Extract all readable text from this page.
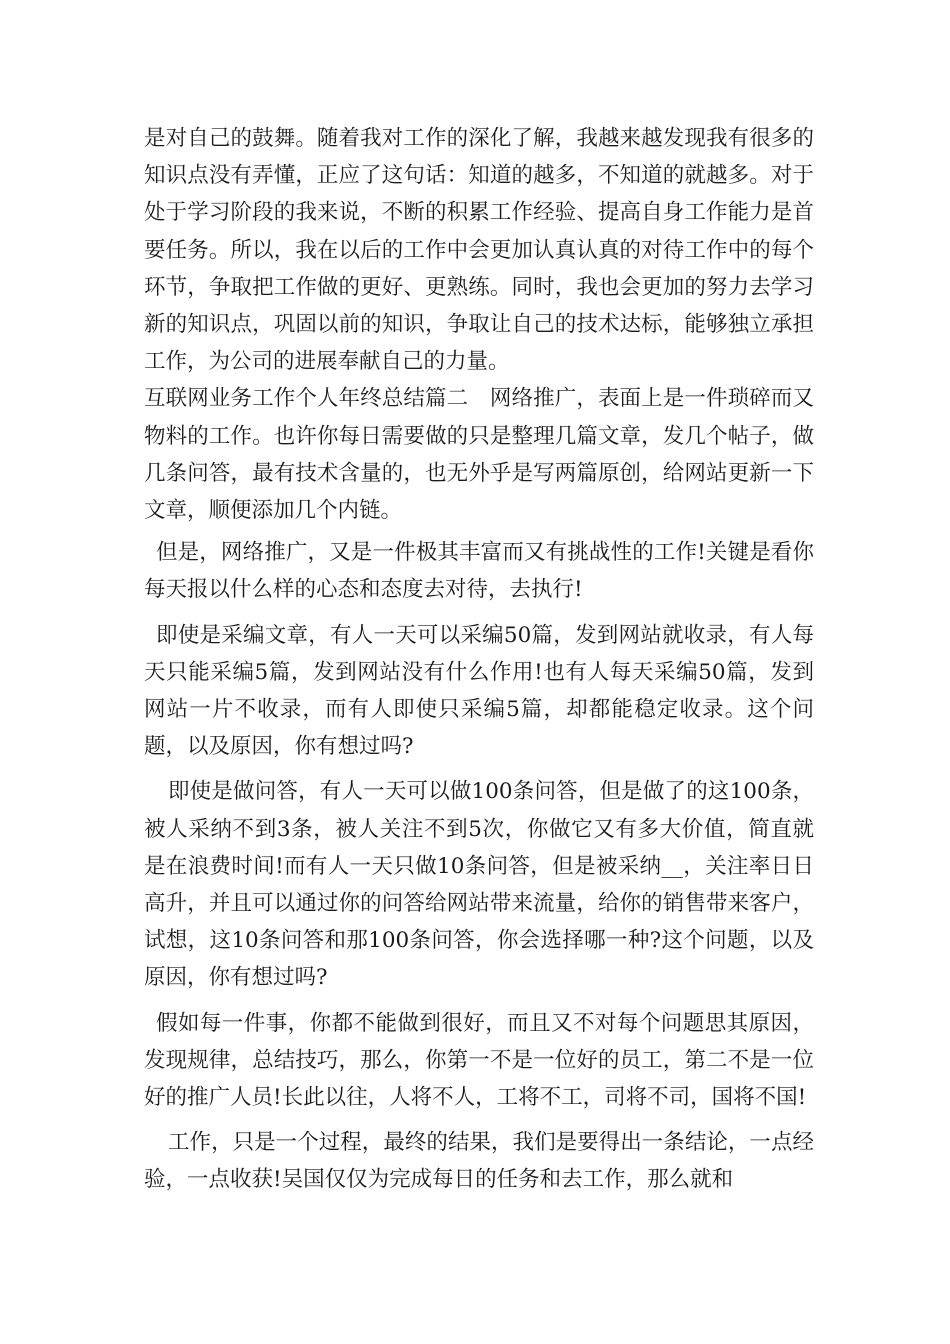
是对自己的鼓舞。随着我对工作的深化了解，我越来越发现我有很多的知识点没有弄懂，正应了这句话：知道的越多，不知道的就越多。对于处于学习阶段的我来说，不断的积累工作经验、提高自身工作能力是首要任务。所以，我在以后的工作中会更加认真认真的对待工作中的每个环节，争取把工作做的更好、更熟练。同时，我也会更加的努力去学习新的知识点，巩固以前的知识，争取让自己的技术达标，能够独立承担工作，为公司的进展奉献自己的力量。

互联网业务工作个人年终总结篇二　网络推广，表面上是一件琐碎而又物料的工作。也许你每日需要做的只是整理几篇文章，发几个帖子，做几条问答，最有技术含量的，也无外乎是写两篇原创，给网站更新一下文章，顺便添加几个内链。

但是，网络推广，又是一件极其丰富而又有挑战性的工作!关键是看你每天报以什么样的心态和态度去对待，去执行!

即使是采编文章，有人一天可以采编50篇，发到网站就收录，有人每天只能采编5篇，发到网站没有什么作用!也有人每天采编50篇，发到网站一片不收录，而有人即使只采编5篇，却都能稳定收录。这个问题，以及原因，你有想过吗?

即使是做问答，有人一天可以做100条问答，但是做了的这100条，被人采纳不到3条，被人关注不到5次，你做它又有多大价值，简直就是在浪费时间!而有人一天只做10条问答，但是被采纳__，关注率日日高升，并且可以通过你的问答给网站带来流量，给你的销售带来客户，试想，这10条问答和那100条问答，你会选择哪一种?这个问题，以及原因，你有想过吗?

假如每一件事，你都不能做到很好，而且又不对每个问题思其原因，发现规律，总结技巧，那么，你第一不是一位好的员工，第二不是一位好的推广人员!长此以往，人将不人，工将不工，司将不司，国将不国!

工作，只是一个过程，最终的结果，我们是要得出一条结论，一点经验，一点收获!吴国仅仅为完成每日的任务和去工作，那么就和
